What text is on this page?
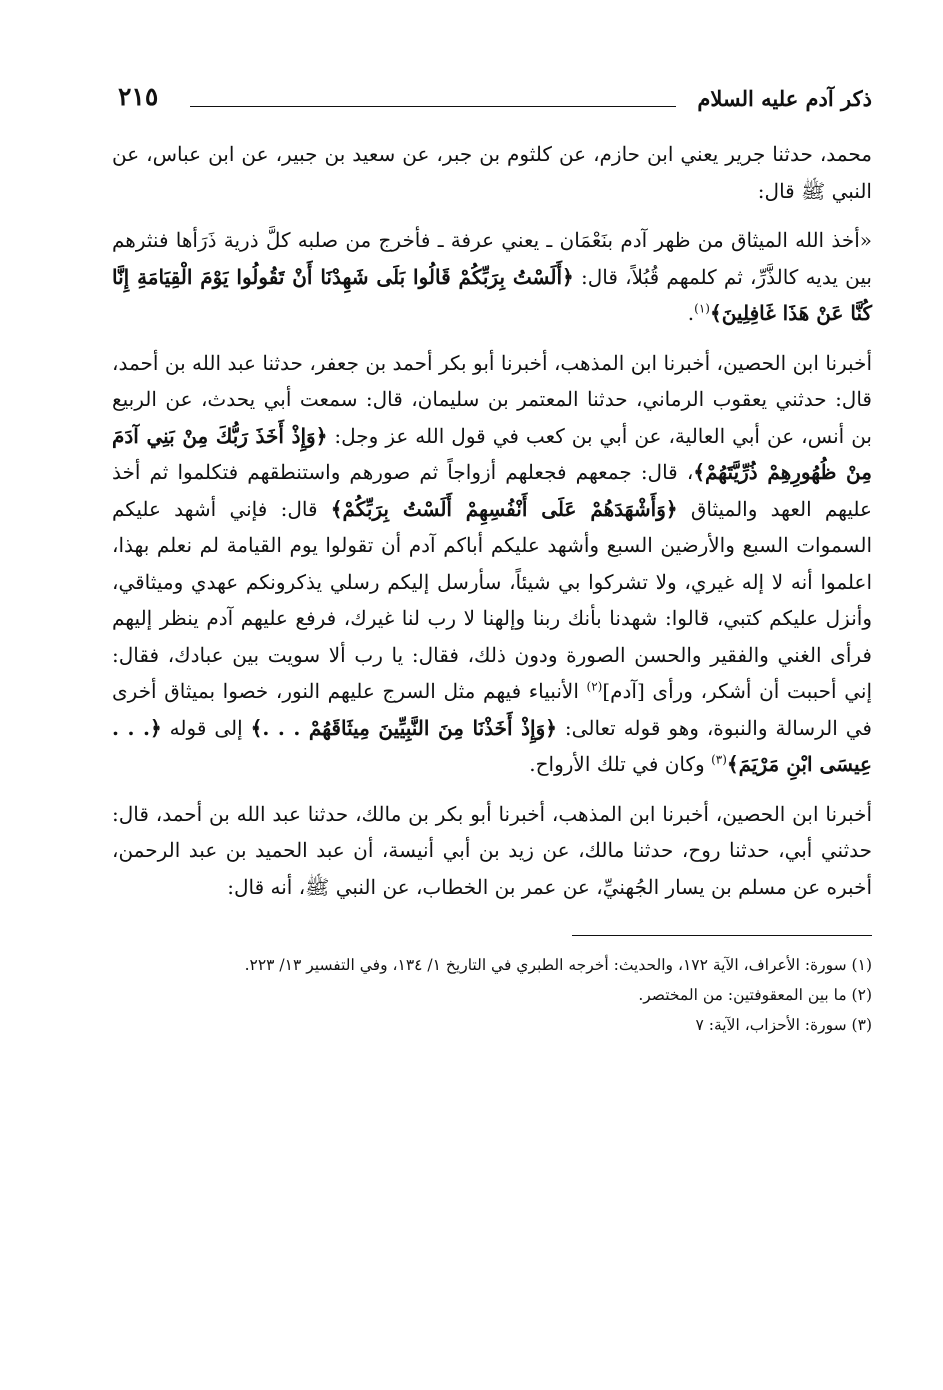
ذكر آدم عليه السلام
٢١٥

محمد، حدثنا جرير يعني ابن حازم، عن كلثوم بن جبر، عن سعيد بن جبير، عن ابن عباس، عن النبي ﷺ قال:

«أخذ الله الميثاق من ظهر آدم بنَعْمَان ـ يعني عرفة ـ فأخرج من صلبه كلَّ ذرية ذَرَأها فنثرهم بين يديه كالذَّرِّ، ثم كلمهم قُبُلاً، قال: ﴿أَلَسْتُ بِرَبِّكُمْ قَالُوا بَلَى شَهِدْنَا أَنْ تَقُولُوا يَوْمَ الْقِيَامَةِ إِنَّا كُنَّا عَنْ هَذَا غَافِلِينَ﴾$^{(١)}$.

أخبرنا ابن الحصين، أخبرنا ابن المذهب، أخبرنا أبو بكر أحمد بن جعفر، حدثنا عبد الله بن أحمد، قال: حدثني يعقوب الرماني، حدثنا المعتمر بن سليمان، قال: سمعت أبي يحدث، عن الربيع بن أنس، عن أبي العالية، عن أبي بن كعب في قول الله عز وجل: ﴿وَإِذْ أَخَذَ رَبُّكَ مِنْ بَنِي آدَمَ مِنْ ظُهُورِهِمْ ذُرِّيَّتَهُمْ﴾، قال: جمعهم فجعلهم أزواجاً ثم صورهم واستنطقهم فتكلموا ثم أخذ عليهم العهد والميثاق ﴿وَأَشْهَدَهُمْ عَلَى أَنْفُسِهِمْ أَلَسْتُ بِرَبِّكُمْ﴾ قال: فإني أشهد عليكم السموات السبع والأرضين السبع وأشهد عليكم أباكم آدم أن تقولوا يوم القيامة لم نعلم بهذا، اعلموا أنه لا إله غيري، ولا تشركوا بي شيئاً، سأرسل إليكم رسلي يذكرونكم عهدي وميثاقي، وأنزل عليكم كتبي، قالوا: شهدنا بأنك ربنا وإلهنا لا رب لنا غيرك، فرفع عليهم آدم ينظر إليهم فرأى الغني والفقير والحسن الصورة ودون ذلك، فقال: يا رب ألا سويت بين عبادك، فقال: إني أحببت أن أشكر، ورأى [آدم]$^{(٢)}$ الأنبياء فيهم مثل السرج عليهم النور، خصوا بميثاق أخرى في الرسالة والنبوة، وهو قوله تعالى: ﴿وَإِذْ أَخَذْنَا مِنَ النَّبِيِّينَ مِيثَاقَهُمْ . . .﴾ إلى قوله ﴿. . . عِيسَى ابْنِ مَرْيَمَ﴾$^{(٣)}$ وكان في تلك الأرواح.

أخبرنا ابن الحصين، أخبرنا ابن المذهب، أخبرنا أبو بكر بن مالك، حدثنا عبد الله بن أحمد، قال: حدثني أبي، حدثنا روح، حدثنا مالك، عن زيد بن أبي أنيسة، أن عبد الحميد بن عبد الرحمن، أخبره عن مسلم بن يسار الجُهنيِّ، عن عمر بن الخطاب، عن النبي ﷺ، أنه قال:

(١) سورة: الأعراف، الآية ١٧٢، والحديث: أخرجه الطبري في التاريخ ١/ ١٣٤، وفي التفسير ١٣/ ٢٢٣.

(٢) ما بين المعقوفتين: من المختصر.

(٣) سورة: الأحزاب، الآية: ٧
